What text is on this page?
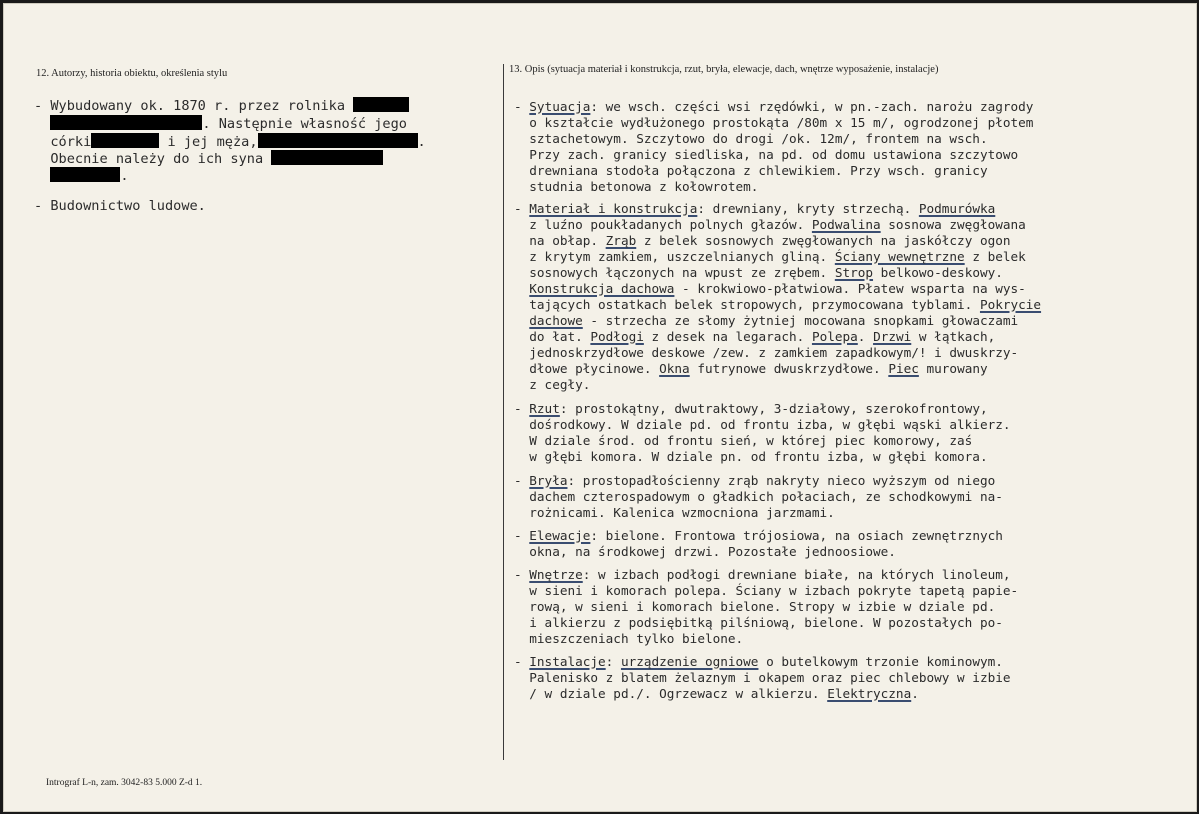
12. Autorzy, historia obiektu, określenia stylu	13. Opis (sytuacja materiał i konstrukcja, rzut, bryła, elewacje, dach, wnętrze wyposażenie, instalacje)
- Wybudowany ok. 1870 r. przez rolnika
. Następnie własność jego
córki	i jej męża,	.
Obecnie należy do ich syna
.
- Budownictwo ludowe.
- Sytuacja: we wsch. części wsi rzędówki, w pn.-zach. narożu zagrody
o kształcie wydłużonego prostokąta /80m x 15 m/, ogrodzonej płotem
sztachetowym. Szczytowo do drogi /ok. 12m/, frontem na wsch.
Przy zach. granicy siedliska, na pd. od domu ustawiona szczytowo
drewniana stodoła połączona z chlewikiem. Przy wsch. granicy
studnia betonowa z kołowrotem.
- Materiał i konstrukcja: drewniany, kryty strzechą. Podmurówka
z luźno poukładanych polnych głazów. Podwalina sosnowa zwęgłowana
na obłap. Zrąb z belek sosnowych zwęgłowanych na jaskółczy ogon
z krytym zamkiem, uszczelnianych gliną. Ściany wewnętrzne z belek
sosnowych łączonych na wpust ze zrębem. Strop belkowo-deskowy.
Konstrukcja dachowa - krokwiowo-płatwiowa. Płatew wsparta na wys-
tających ostatkach belek stropowych, przymocowana tyblami. Pokrycie
dachowe - strzecha ze słomy żytniej mocowana snopkami głowaczami
do łat. Podłogi z desek na legarach. Polepa. Drzwi w łątkach,
jednoskrzydłowe deskowe /zew. z zamkiem zapadkowym/! i dwuskrzy-
dłowe płycinowe. Okna futrynowe dwuskrzydłowe. Piec murowany
z cegły.
- Rzut: prostokątny, dwutraktowy, 3-działowy, szerokofrontowy,
dośrodkowy. W dziale pd. od frontu izba, w głębi wąski alkierz.
W dziale środ. od frontu sień, w której piec komorowy, zaś
w głębi komora. W dziale pn. od frontu izba, w głębi komora.
- Bryła: prostopadłościenny zrąb nakryty nieco wyższym od niego
dachem czterospadowym o gładkich połaciach, ze schodkowymi na-
rożnicami. Kalenica wzmocniona jarzmami.
- Elewacje: bielone. Frontowa trójosiowa, na osiach zewnętrznych
okna, na środkowej drzwi. Pozostałe jednoosiowe.
- Wnętrze: w izbach podłogi drewniane białe, na których linoleum,
w sieni i komorach polepa. Ściany w izbach pokryte tapetą papie-
rową, w sieni i komorach bielone. Stropy w izbie w dziale pd.
i alkierzu z podsiębitką pilśniową, bielone. W pozostałych po-
mieszczeniach tylko bielone.
- Instalacje: urządzenie ogniowe o butelkowym trzonie kominowym.
Palenisko z blatem żelaznym i okapem oraz piec chlebowy w izbie
/ w dziale pd./. Ogrzewacz w alkierzu. Elektryczna.
Intrograf L-n, zam. 3042-83 5.000 Z-d 1.
